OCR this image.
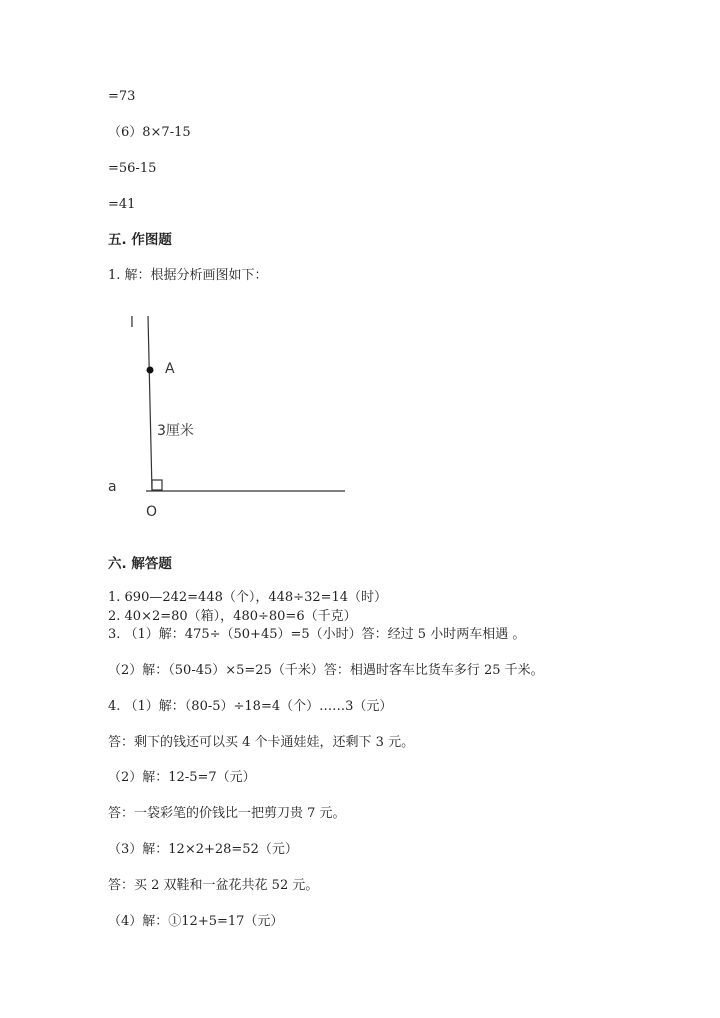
=73
（6）8×7-15
=56-15
=41
五. 作图题
1. 解：根据分析画图如下：
l
A
3厘米
a
O
六. 解答题
1. 690—242=448（个），448÷32=14（时）
2. 40×2=80（箱），480÷80=6（千克）
3. （1）解：475÷（50+45）=5（小时）答：经过 5 小时两车相遇 。
（2）解：（50-45）×5=25（千米）答：相遇时客车比货车多行 25 千米。
4. （1）解：（80-5）÷18=4（个）……3（元）
答：剩下的钱还可以买 4 个卡通娃娃，还剩下 3 元。
（2）解：12-5=7（元）
答：一袋彩笔的价钱比一把剪刀贵 7 元。
（3）解：12×2+28=52（元）
答：买 2 双鞋和一盆花共花 52 元。
（4）解：①12+5=17（元）
